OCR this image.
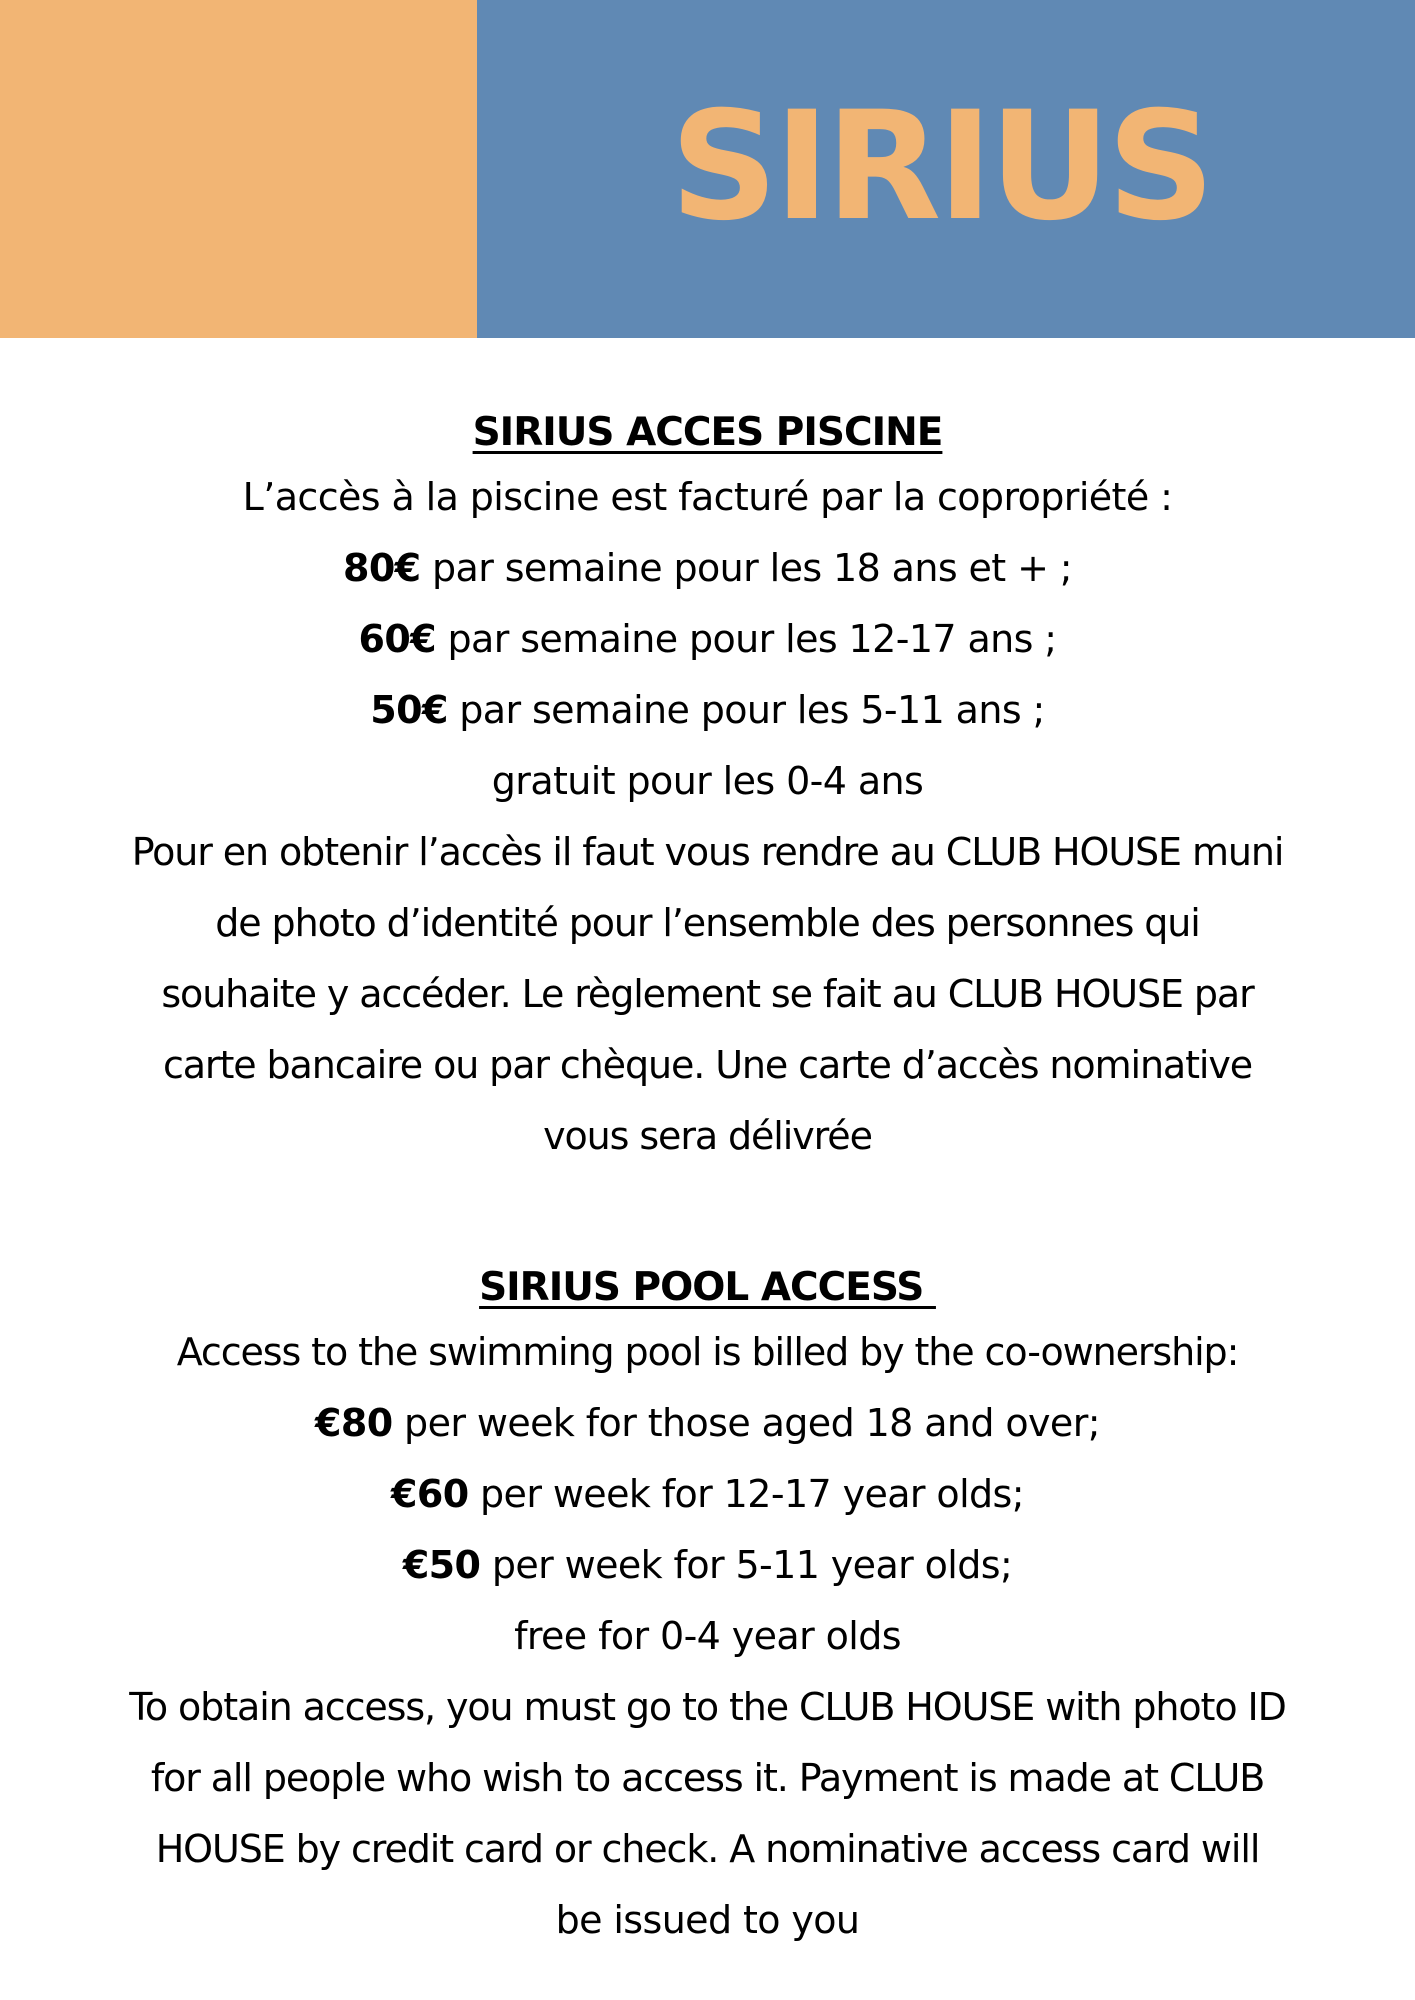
SIRIUS
SIRIUS ACCES PISCINE
L’accès à la piscine est facturé par la copropriété :
80€ par semaine pour les 18 ans et + ;
60€ par semaine pour les 12-17 ans ;
50€ par semaine pour les 5-11 ans ;
gratuit pour les 0-4 ans
Pour en obtenir l’accès il faut vous rendre au CLUB HOUSE muni
de photo d’identité pour l’ensemble des personnes qui
souhaite y accéder. Le règlement se fait au CLUB HOUSE par
carte bancaire ou par chèque. Une carte d’accès nominative
vous sera délivrée
SIRIUS POOL ACCESS
Access to the swimming pool is billed by the co-ownership:
€80 per week for those aged 18 and over;
€60 per week for 12-17 year olds;
€50 per week for 5-11 year olds;
free for 0-4 year olds
To obtain access, you must go to the CLUB HOUSE with photo ID
for all people who wish to access it. Payment is made at CLUB
HOUSE by credit card or check. A nominative access card will
be issued to you
